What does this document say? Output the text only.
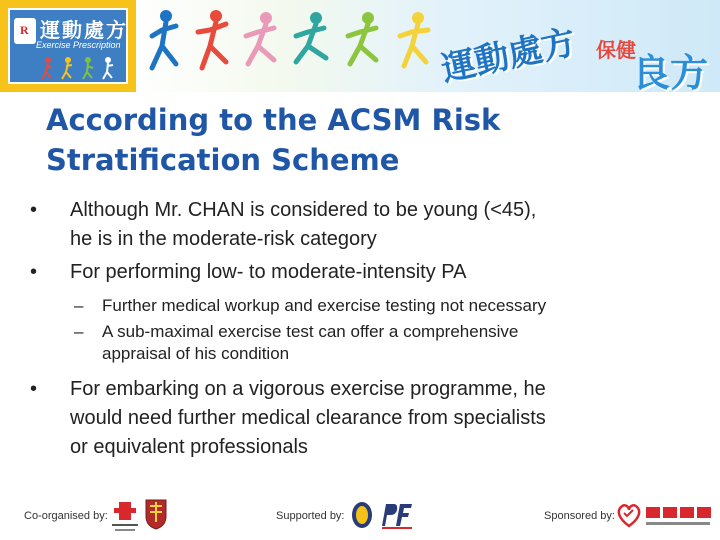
R
運動處方
Exercise Prescription	運動處方 保健
良方
According to the ACSM Risk
Stratification Scheme
• Although Mr. CHAN is considered to be young (<45),
he is in the moderate-risk category
• For performing low- to moderate-intensity PA
– Further medical workup and exercise testing not necessary
– A sub-maximal exercise test can offer a comprehensive
appraisal of his condition
• For embarking on a vigorous exercise programme, he
would need further medical clearance from specialists
or equivalent professionals
Co-organised by:	Supported by:	Sponsored by:
